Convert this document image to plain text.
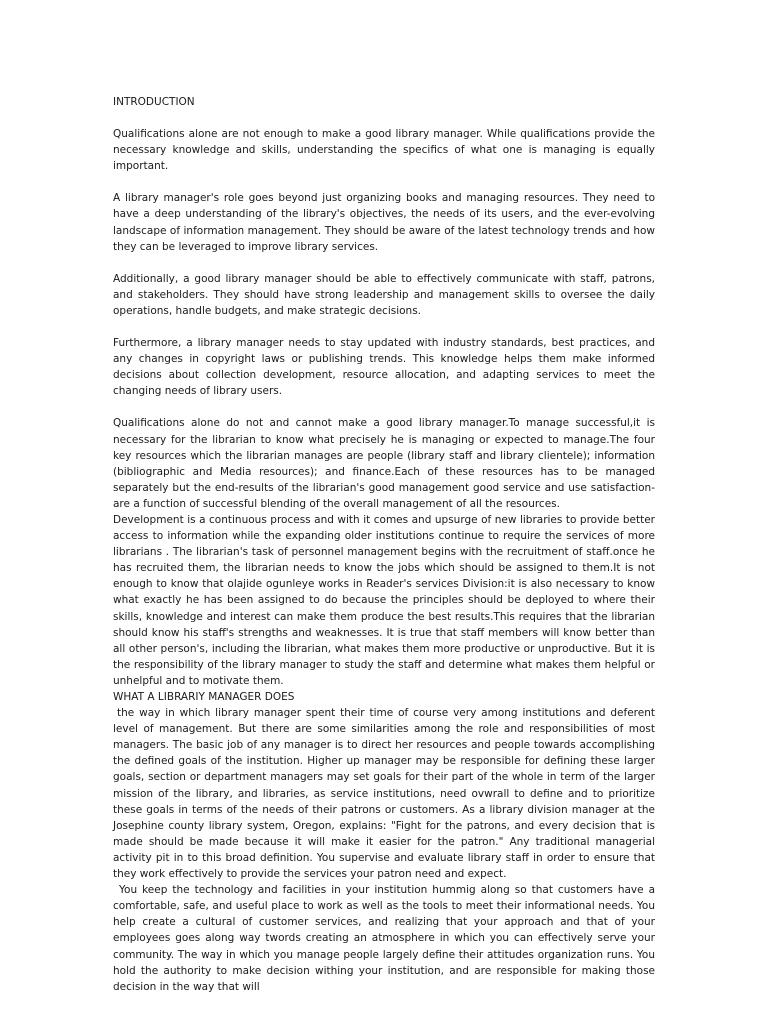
INTRODUCTION

Qualifications alone are not enough to make a good library manager. While qualifications provide the necessary knowledge and skills, understanding the specifics of what one is managing is equally important.

A library manager's role goes beyond just organizing books and managing resources. They need to have a deep understanding of the library's objectives, the needs of its users, and the ever-evolving landscape of information management. They should be aware of the latest technology trends and how they can be leveraged to improve library services.

Additionally, a good library manager should be able to effectively communicate with staff, patrons, and stakeholders. They should have strong leadership and management skills to oversee the daily operations, handle budgets, and make strategic decisions.

Furthermore, a library manager needs to stay updated with industry standards, best practices, and any changes in copyright laws or publishing trends. This knowledge helps them make informed decisions about collection development, resource allocation, and adapting services to meet the changing needs of library users.

Qualifications alone do not and cannot make a good library manager.To manage successful,it is necessary for the librarian to know what precisely he is managing or expected to manage.The four key resources which the librarian manages are people (library staff and library clientele); information (bibliographic and Media resources); and finance.Each of these resources has to be managed separately but the end-results of the librarian's good management good service and use satisfaction-are a function of successful blending of the overall management of all the resources.

Development is a continuous process and with it comes and upsurge of new libraries to provide better access to information while the expanding older institutions continue to require the services of more librarians . The librarian's task of personnel management begins with the recruitment of staff.once he has recruited them, the librarian needs to know the jobs which should be assigned to them.It is not enough to know that olajide ogunleye works in Reader's services Division:it is also necessary to know what exactly he has been assigned to do because the principles should be deployed to where their skills, knowledge and interest can make them produce the best results.This requires that the librarian should know his staff's strengths and weaknesses. It is true that staff members will know better than all other person's, including the librarian, what makes them more productive or unproductive. But it is the responsibility of the library manager to study the staff and determine what makes them helpful or unhelpful and to motivate them.

WHAT A LIBRARIY MANAGER DOES

the way in which library manager spent their time of course very among institutions and deferent level of management. But there are some similarities among the role and responsibilities of most managers. The basic job of any manager is to direct her resources and people towards accomplishing the defined goals of the institution. Higher up manager may be responsible for defining these larger goals, section or department managers may set goals for their part of the whole in term of the larger mission of the library, and libraries, as service institutions, need ovwrall to define and to prioritize these goals in terms of the needs of their patrons or customers. As a library division manager at the Josephine county library system, Oregon, explains: "Fight for the patrons, and every decision that is made should be made because it will make it easier for the patron." Any traditional managerial activity pit in to this broad definition. You supervise and evaluate library staff in order to ensure that they work effectively to provide the services your patron need and expect.

You keep the technology and facilities in your institution hummig along so that customers have a comfortable, safe, and useful place to work as well as the tools to meet their informational needs. You help create a cultural of customer services, and realizing that your approach and that of your employees goes along way twords creating an atmosphere in which you can effectively serve your community. The way in which you manage people largely define their attitudes organization runs. You hold the authority to make decision withing your institution, and are responsible for making those decision in the way that will
